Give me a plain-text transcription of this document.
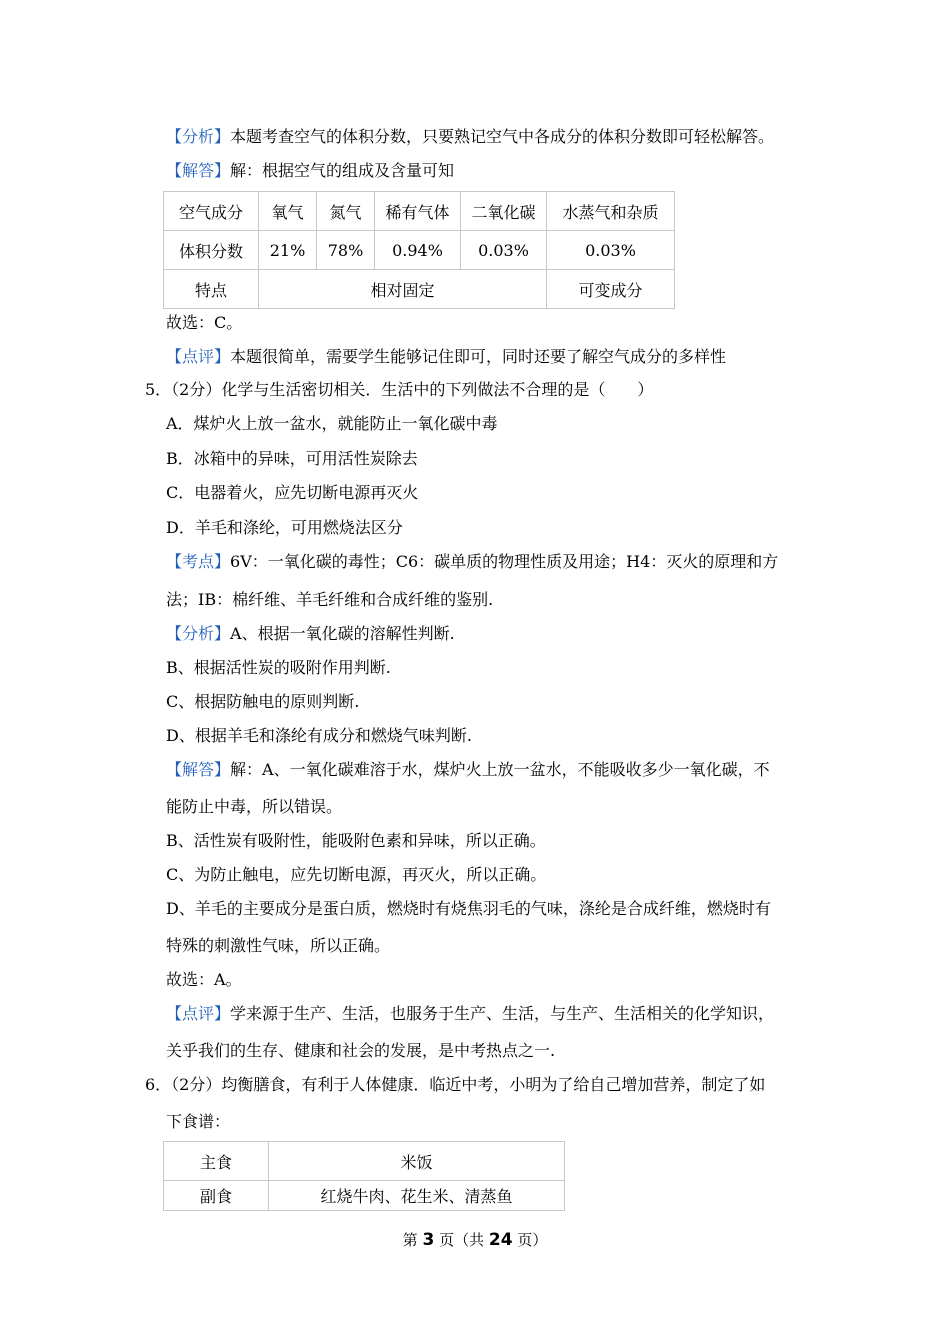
【分析】本题考查空气的体积分数，只要熟记空气中各成分的体积分数即可轻松解答。
【解答】解：根据空气的组成及含量可知
空气成分	氧气	氮气	稀有气体	二氧化碳	水蒸气和杂质
体积分数	21%	78%	0.94%	0.03%	0.03%
特点	相对固定				可变成分
故选：C。
【点评】本题很简单，需要学生能够记住即可，同时还要了解空气成分的多样性
5．（2分）化学与生活密切相关．生活中的下列做法不合理的是（　　）
A．煤炉火上放一盆水，就能防止一氧化碳中毒
B．冰箱中的异味，可用活性炭除去
C．电器着火，应先切断电源再灭火
D．羊毛和涤纶，可用燃烧法区分
【考点】6V：一氧化碳的毒性；C6：碳单质的物理性质及用途；H4：灭火的原理和方
法；IB：棉纤维、羊毛纤维和合成纤维的鉴别.
【分析】A、根据一氧化碳的溶解性判断.
B、根据活性炭的吸附作用判断.
C、根据防触电的原则判断.
D、根据羊毛和涤纶有成分和燃烧气味判断.
【解答】解：A、一氧化碳难溶于水，煤炉火上放一盆水，不能吸收多少一氧化碳，不
能防止中毒，所以错误。
B、活性炭有吸附性，能吸附色素和异味，所以正确。
C、为防止触电，应先切断电源，再灭火，所以正确。
D、羊毛的主要成分是蛋白质，燃烧时有烧焦羽毛的气味，涤纶是合成纤维，燃烧时有
特殊的刺激性气味，所以正确。
故选：A。
【点评】学来源于生产、生活，也服务于生产、生活，与生产、生活相关的化学知识，
关乎我们的生存、健康和社会的发展，是中考热点之一.
6．（2分）均衡膳食，有利于人体健康．临近中考，小明为了给自己增加营养，制定了如
下食谱：
主食	米饭
副食	红烧牛肉、花生米、清蒸鱼
第 3 页（共 24 页）
